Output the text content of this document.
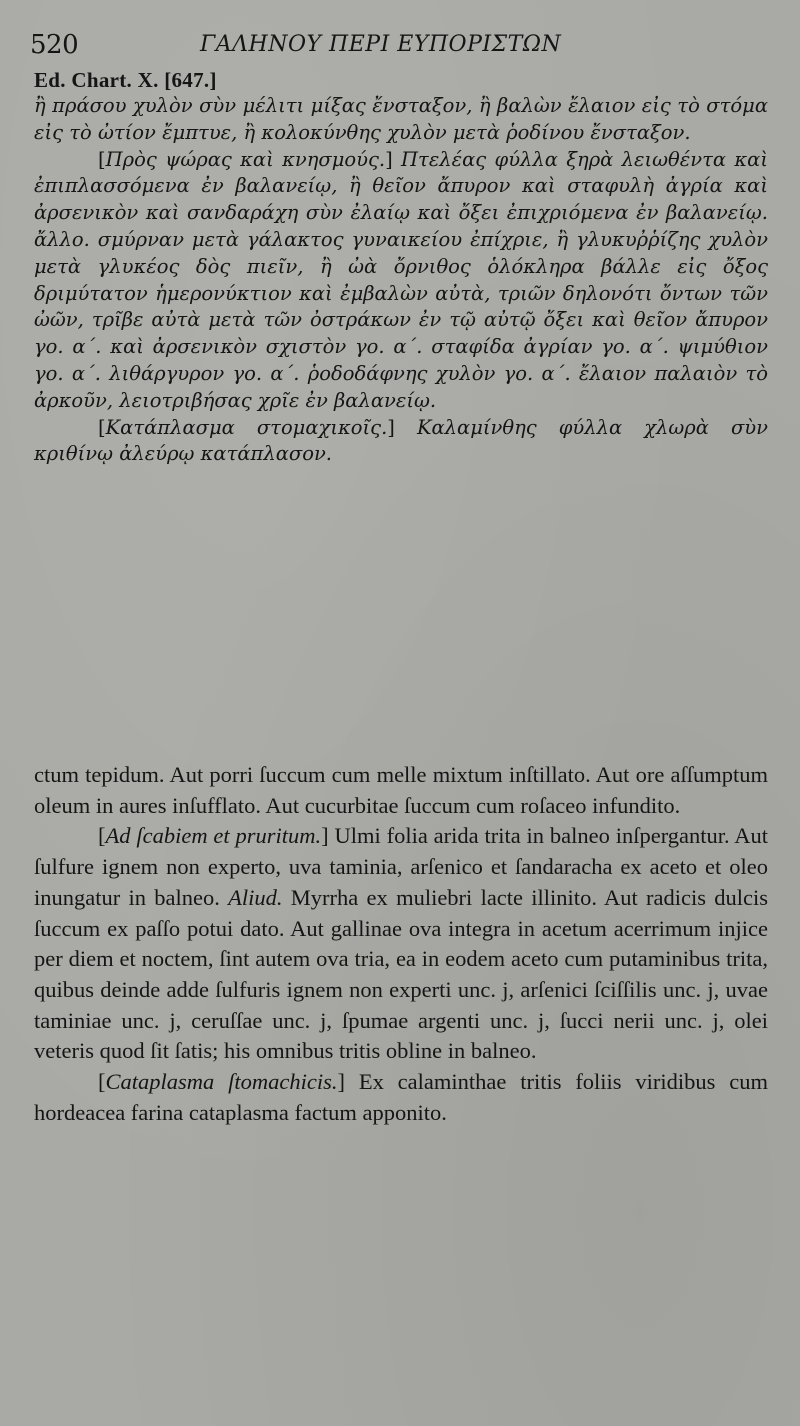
520	ΓΑΛΗΝΟΥ ΠΕΡΙ ΕΥΠΟΡΙΣΤΩΝ
Ed. Chart. X. [647.]

ἢ πράσου χυλὸν σὺν μέλιτι μίξας ἔνσταξον, ἢ βαλὼν ἔλαιον εἰς τὸ στόμα εἰς τὸ ὠτίον ἔμπτυε, ἢ κολοκύνθης χυλὸν μετὰ ῥοδίνου ἔνσταξον.

[Πρὸς ψώρας καὶ κνησμούς.] Πτελέας φύλλα ξηρὰ λειωθέντα καὶ ἐπιπλασσόμενα ἐν βαλανείῳ, ἢ θεῖον ἄπυρον καὶ σταφυλὴ ἀγρία καὶ ἀρσενικὸν καὶ σανδαράχη σὺν ἐλαίῳ καὶ ὄξει ἐπιχριόμενα ἐν βαλανείῳ. ἄλλο. σμύρναν μετὰ γάλακτος γυναικείου ἐπίχριε, ἢ γλυκυῤῥίζης χυλὸν μετὰ γλυκέος δὸς πιεῖν, ἢ ὠὰ ὄρνιθος ὁλόκληρα βάλλε εἰς ὄξος δριμύτατον ἡμερονύκτιον καὶ ἐμβαλὼν αὐτὰ, τριῶν δηλονότι ὄντων τῶν ὠῶν, τρῖβε αὐτὰ μετὰ τῶν ὀστράκων ἐν τῷ αὐτῷ ὄξει καὶ θεῖον ἄπυρον γο. α΄. καὶ ἀρσενικὸν σχιστὸν γο. α΄. σταφίδα ἀγρίαν γο. α΄. ψιμύθιον γο. α΄. λιθάργυρον γο. α΄. ῥοδοδάφνης χυλὸν γο. α΄. ἔλαιον παλαιὸν τὸ ἀρκοῦν, λειοτριβήσας χρῖε ἐν βαλανείῳ.

[Κατάπλασμα στομαχικοῖς.] Καλαμίνθης φύλλα χλωρὰ σὺν κριθίνῳ ἀλεύρῳ κατάπλασον.

ctum tepidum. Aut porri ſuccum cum melle mixtum inſtillato. Aut ore aſſumptum oleum in aures inſufflato. Aut cucurbitae ſuccum cum roſaceo infundito.

[Ad ſcabiem et pruritum.] Ulmi folia arida trita in balneo inſpergantur. Aut ſulfure ignem non experto, uva taminia, arſenico et ſandaracha ex aceto et oleo inungatur in balneo. Aliud. Myrrha ex muliebri lacte illinito. Aut radicis dulcis ſuccum ex paſſo potui dato. Aut gallinae ova integra in acetum acerrimum injice per diem et noctem, ſint autem ova tria, ea in eodem aceto cum putaminibus trita, quibus deinde adde ſulfuris ignem non experti unc. j, arſenici ſciſſilis unc. j, uvae taminiae unc. j, ceruſſae unc. j, ſpumae argenti unc. j, ſucci nerii unc. j, olei veteris quod ſit ſatis; his omnibus tritis obline in balneo.

[Cataplasma ſtomachicis.] Ex calaminthae tritis foliis viridibus cum hordeacea farina cataplasma factum apponito.
